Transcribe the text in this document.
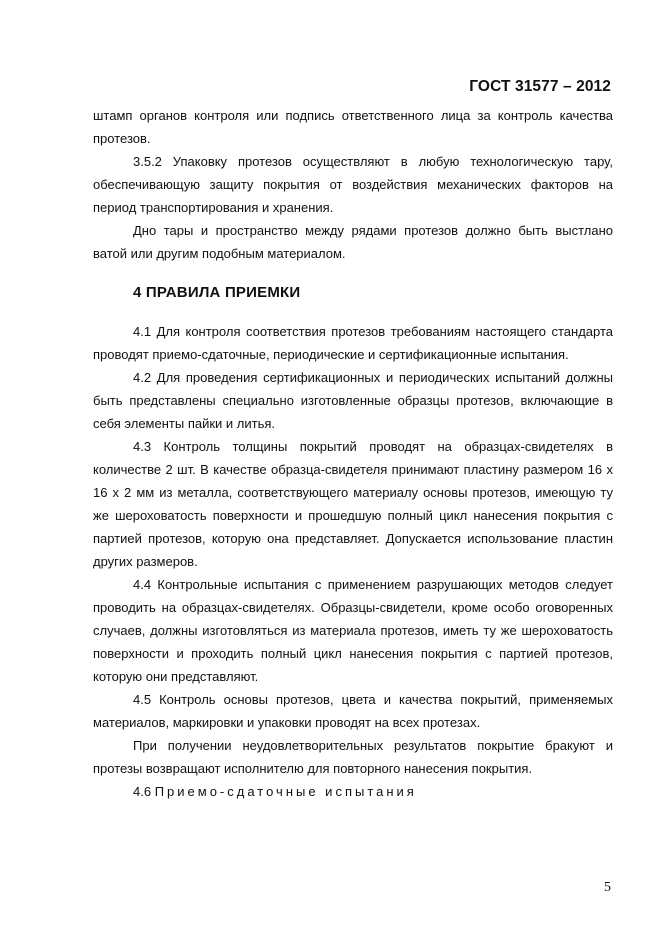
ГОСТ 31577 – 2012

штамп органов контроля или подпись ответственного лица за контроль качества протезов.

3.5.2 Упаковку протезов осуществляют в любую технологическую тару, обеспечивающую защиту покрытия от воздействия механических факторов на период транспортирования и хранения.

Дно тары и пространство между рядами протезов должно быть выстлано ватой или другим подобным материалом.

4 ПРАВИЛА ПРИЕМКИ

4.1 Для контроля соответствия протезов требованиям настоящего стандарта проводят приемо-сдаточные, периодические и сертификационные испытания.

4.2 Для проведения сертификационных и периодических испытаний должны быть представлены специально изготовленные образцы протезов, включающие в себя элементы пайки и литья.

4.3 Контроль толщины покрытий проводят на образцах-свидетелях в количестве 2 шт. В качестве образца-свидетеля принимают пластину размером 16 х 16 х 2 мм из металла, соответствующего материалу основы протезов, имеющую ту же шероховатость поверхности и прошедшую полный цикл нанесения покрытия с партией протезов, которую она представляет. Допускается использование пластин других размеров.

4.4 Контрольные испытания с применением разрушающих методов следует проводить на образцах-свидетелях. Образцы-свидетели, кроме особо оговоренных случаев, должны изготовляться из материала протезов, иметь ту же шероховатость поверхности и проходить полный цикл нанесения покрытия с партией протезов, которую они представляют.

4.5 Контроль основы протезов, цвета и качества покрытий, применяемых материалов, маркировки и упаковки проводят на всех протезах.

При получении неудовлетворительных результатов покрытие бракуют и протезы возвращают исполнителю для повторного нанесения покрытия.

4.6 Приемо-сдаточные испытания

5
